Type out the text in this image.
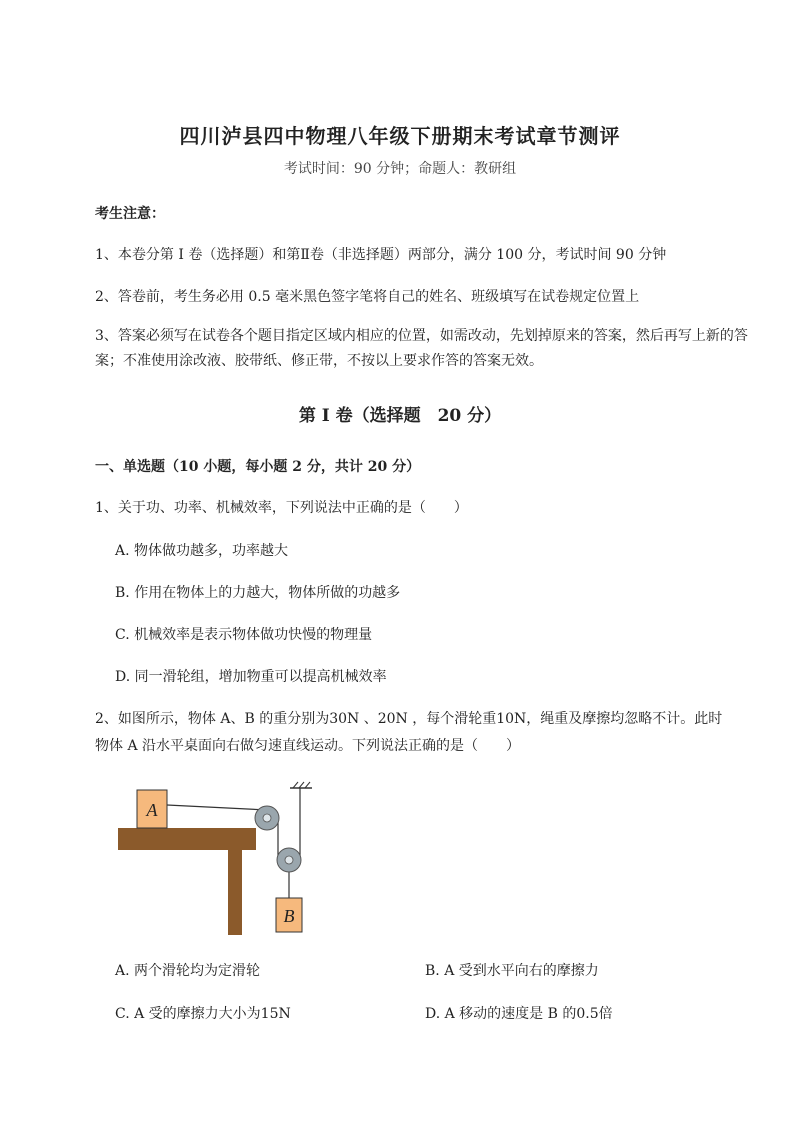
四川泸县四中物理八年级下册期末考试章节测评
考试时间：90 分钟；命题人：教研组
考生注意：
1、本卷分第 I 卷（选择题）和第Ⅱ卷（非选择题）两部分，满分 100 分，考试时间 90 分钟
2、答卷前，考生务必用 0.5 毫米黑色签字笔将自己的姓名、班级填写在试卷规定位置上
3、答案必须写在试卷各个题目指定区域内相应的位置，如需改动，先划掉原来的答案，然后再写上新的答案；不准使用涂改液、胶带纸、修正带，不按以上要求作答的答案无效。
第 I 卷（选择题　20 分）
一、单选题（10 小题，每小题 2 分，共计 20 分）
1、关于功、功率、机械效率，下列说法中正确的是（　　）
A. 物体做功越多，功率越大
B. 作用在物体上的力越大，物体所做的功越多
C. 机械效率是表示物体做功快慢的物理量
D. 同一滑轮组，增加物重可以提高机械效率
2、如图所示，物体 A、B 的重分别为30N 、20N ，每个滑轮重10N，绳重及摩擦均忽略不计。此时
物体 A 沿水平桌面向右做匀速直线运动。下列说法正确的是（　　）
A
B
A. 两个滑轮均为定滑轮	B. A 受到水平向右的摩擦力
C. A 受的摩擦力大小为15N	D. A 移动的速度是 B 的0.5倍
